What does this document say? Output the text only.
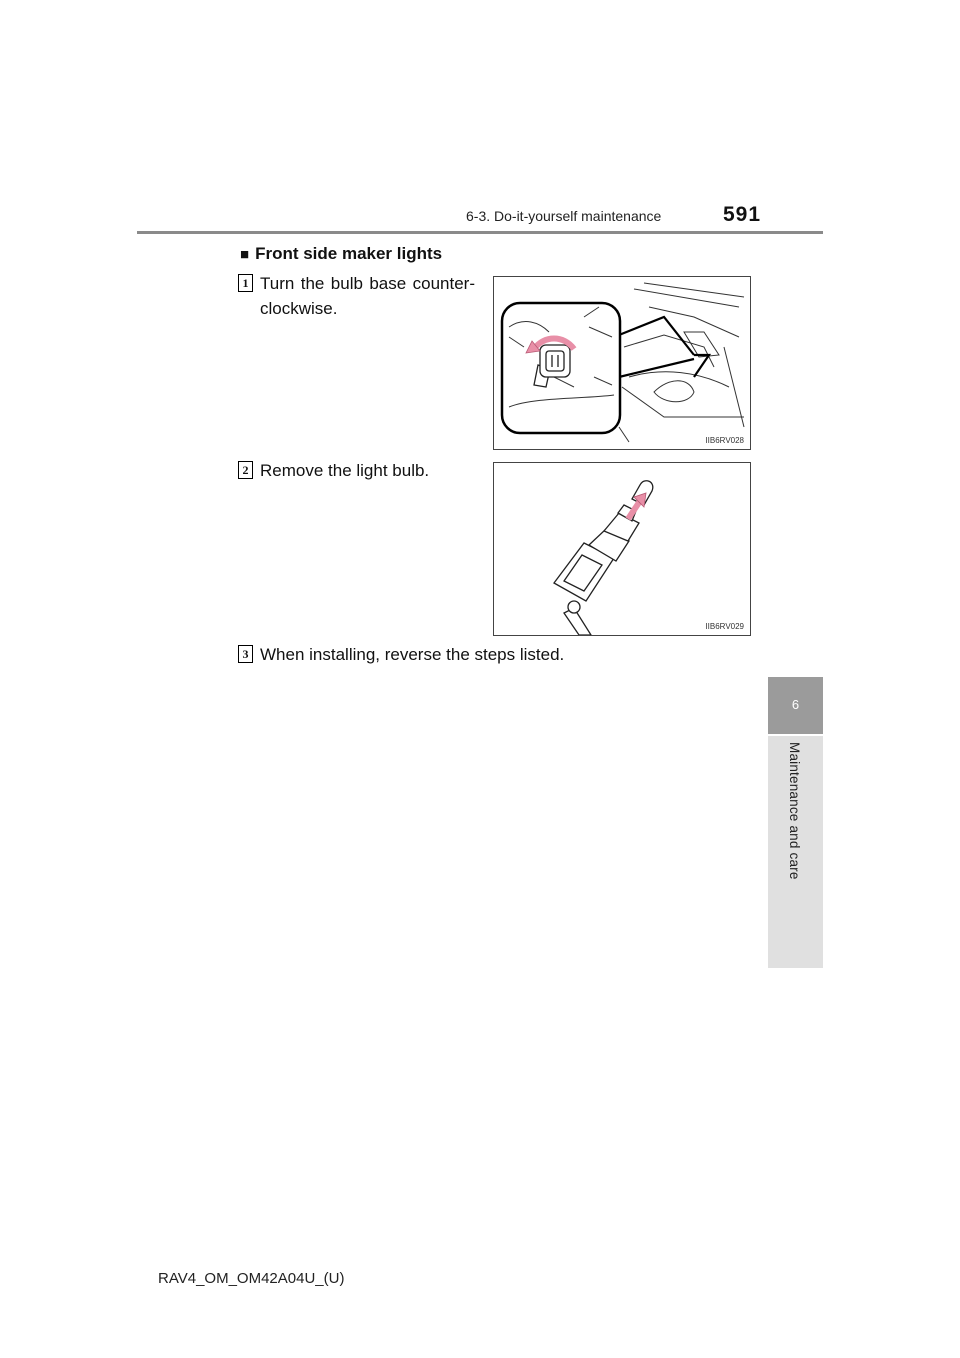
6-3. Do-it-yourself maintenance	591
6
Maintenance and care
■ Front side maker lights
1 Turn the bulb base counter-clockwise.
IIB6RV028
2 Remove the light bulb.
IIB6RV029
3 When installing, reverse the steps listed.
RAV4_OM_OM42A04U_(U)
